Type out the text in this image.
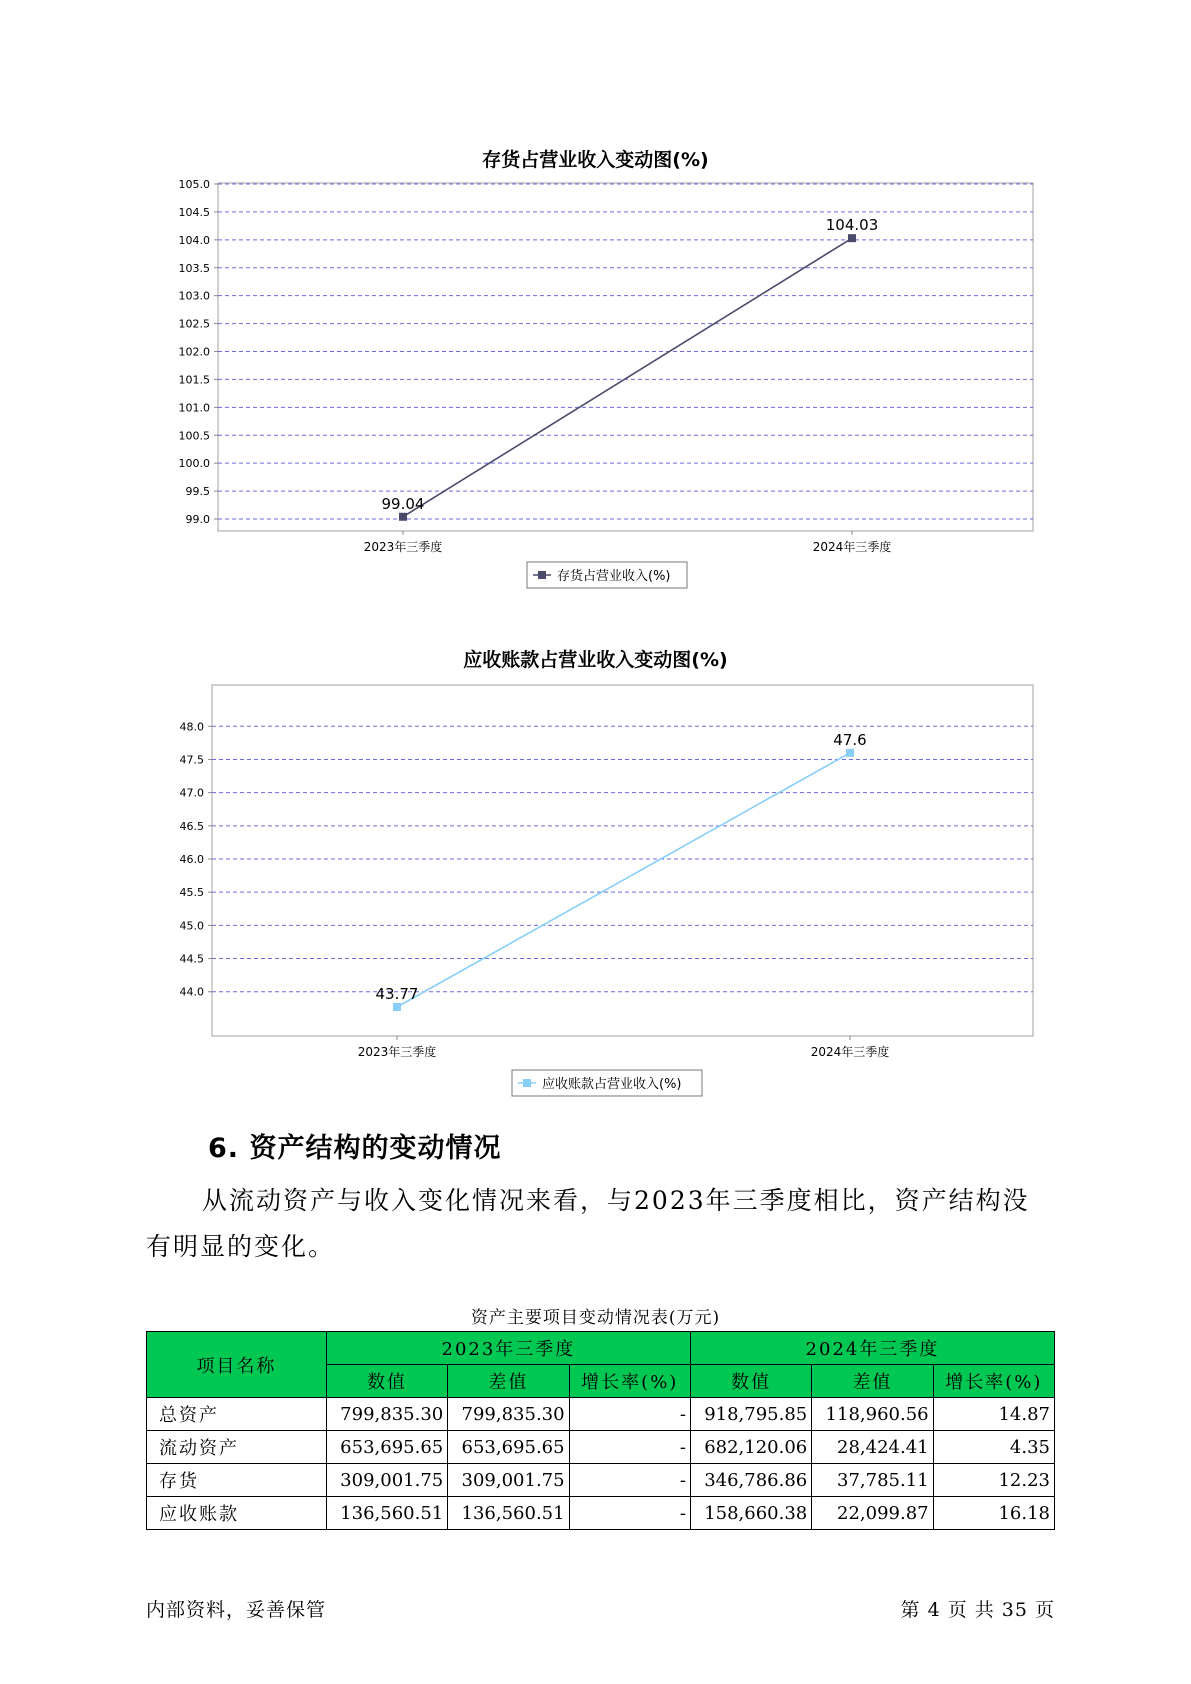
存货占营业收入变动图(%)
99.0
99.5
100.0
100.5
101.0
101.5
102.0
102.5
103.0
103.5
104.0
104.5
105.0
2023年三季度	2024年三季度
99.04
104.03
存货占营业收入(%)
应收账款占营业收入变动图(%)
44.0
44.5
45.0
45.5
46.0
46.5
47.0
47.5
48.0
2023年三季度	2024年三季度
43.77
47.6
应收账款占营业收入(%)
6. 资产结构的变动情况
从流动资产与收入变化情况来看，与2023年三季度相比，资产结构没有明显的变化。
资产主要项目变动情况表(万元)
项目名称	2023年三季度			2024年三季度		
	数值	差值	增长率(%)	数值	差值	增长率(%)
总资产	799,835.30	799,835.30	-	918,795.85	118,960.56	14.87
流动资产	653,695.65	653,695.65	-	682,120.06	28,424.41	4.35
存货	309,001.75	309,001.75	-	346,786.86	37,785.11	12.23
应收账款	136,560.51	136,560.51	-	158,660.38	22,099.87	16.18
内部资料，妥善保管	第 4 页 共 35 页
